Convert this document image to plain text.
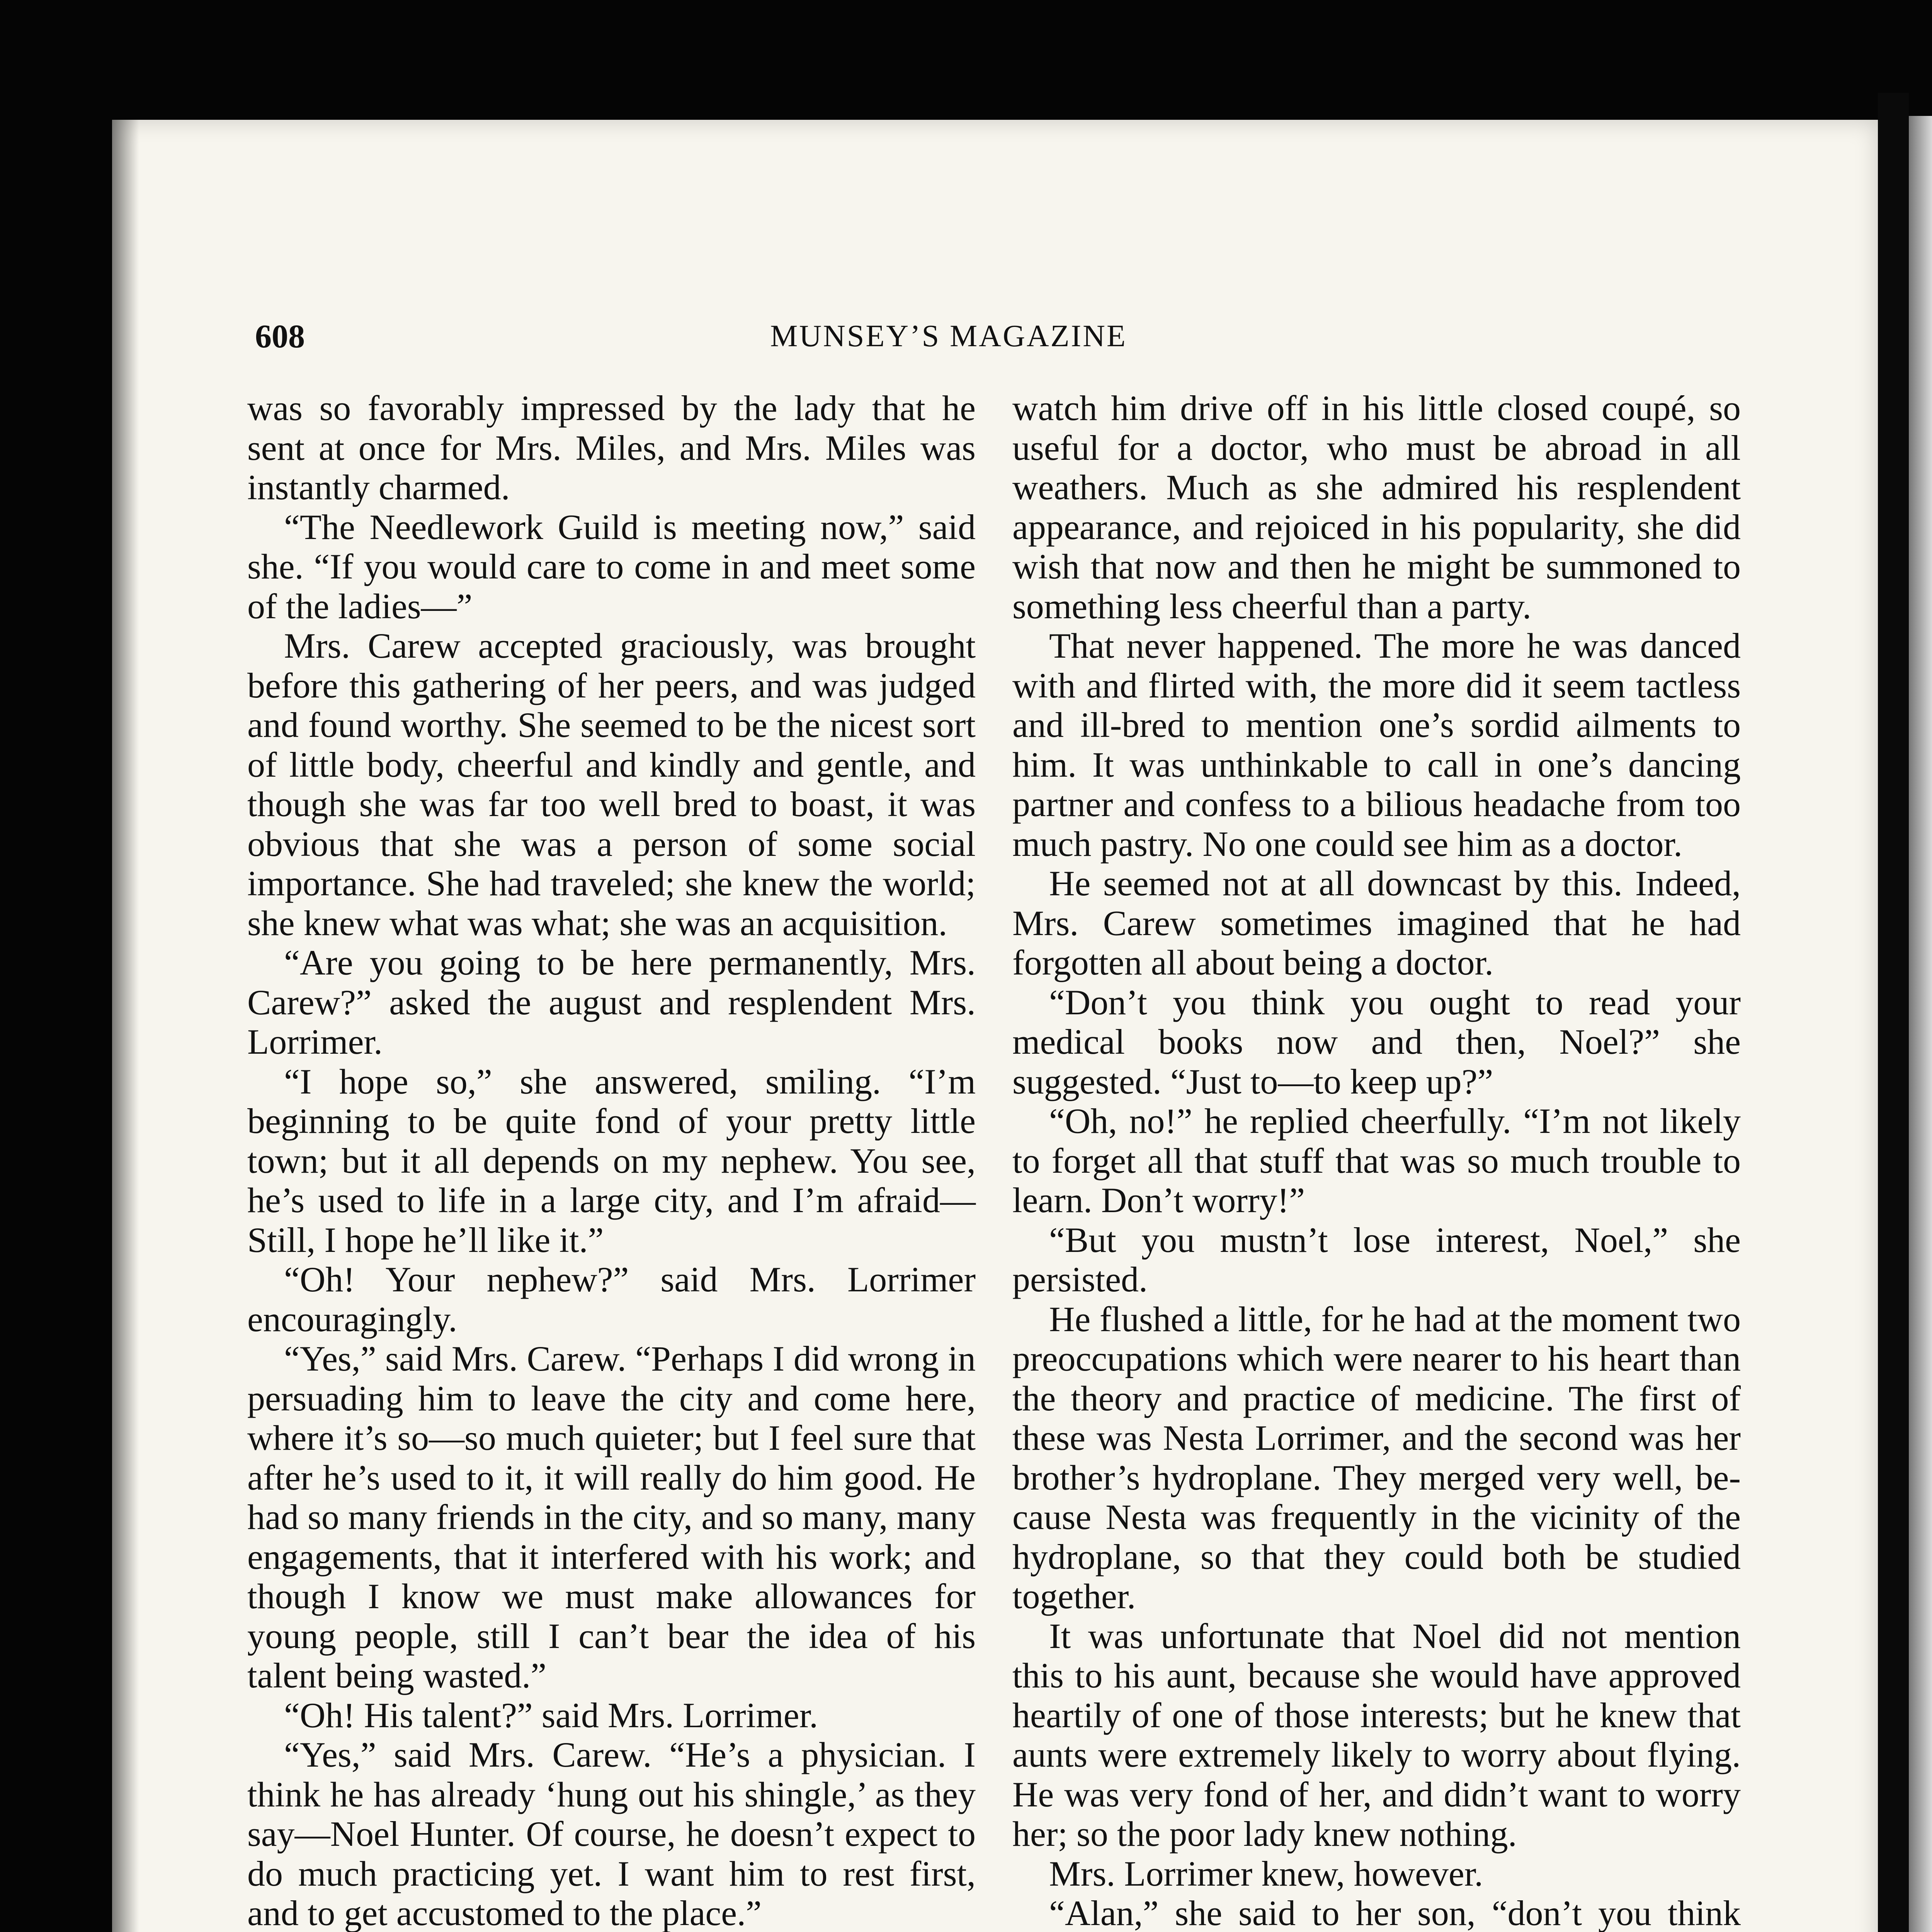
608	MUNSEY’S MAGAZINE

was so favorably impressed by the lady that he sent at once for Mrs. Miles, and Mrs. Miles was instantly charmed.

“The Needlework Guild is meeting now,” said she. “If you would care to come in and meet some of the ladies—”

Mrs. Carew accepted graciously, was brought before this gathering of her peers, and was judged and found worthy. She seemed to be the nicest sort of little body, cheerful and kindly and gentle, and though she was far too well bred to boast, it was obvious that she was a person of some social importance. She had traveled; she knew the world; she knew what was what; she was an acquisition.

“Are you going to be here permanently, Mrs. Carew?” asked the august and resplendent Mrs. Lorrimer.

“I hope so,” she answered, smiling. “I’m beginning to be quite fond of your pretty little town; but it all depends on my nephew. You see, he’s used to life in a large city, and I’m afraid— Still, I hope he’ll like it.”

“Oh! Your nephew?” said Mrs. Lorrimer encouragingly.

“Yes,” said Mrs. Carew. “Perhaps I did wrong in persuading him to leave the city and come here, where it’s so—so much quieter; but I feel sure that after he’s used to it, it will really do him good. He had so many friends in the city, and so many, many engagements, that it interfered with his work; and though I know we must make allowances for young people, still I can’t bear the idea of his talent being wasted.”

“Oh! His talent?” said Mrs. Lorrimer.

“Yes,” said Mrs. Carew. “He’s a physician. I think he has already ‘hung out his shingle,’ as they say—Noel Hunter. Of course, he doesn’t expect to do much practicing yet. I want him to rest first, and to get accustomed to the place.”

watch him drive off in his little closed coupé, so useful for a doctor, who must be abroad in all weathers. Much as she admired his resplendent appearance, and rejoiced in his popularity, she did wish that now and then he might be summoned to something less cheerful than a party.

That never happened. The more he was danced with and flirted with, the more did it seem tactless and ill-bred to mention one’s sordid ailments to him. It was unthinkable to call in one’s dancing partner and confess to a bilious headache from too much pastry. No one could see him as a doctor.

He seemed not at all downcast by this. Indeed, Mrs. Carew sometimes imagined that he had forgotten all about being a doctor.

“Don’t you think you ought to read your medical books now and then, Noel?” she suggested. “Just to—to keep up?”

“Oh, no!” he replied cheerfully. “I’m not likely to forget all that stuff that was so much trouble to learn. Don’t worry!”

“But you mustn’t lose interest, Noel,” she persisted.

He flushed a little, for he had at the moment two preoccupations which were nearer to his heart than the theory and practice of medicine. The first of these was Nesta Lorrimer, and the second was her brother’s hydroplane. They merged very well, because Nesta was frequently in the vicinity of the hydroplane, so that they could both be studied together.

It was unfortunate that Noel did not mention this to his aunt, because she would have approved heartily of one of those interests; but he knew that aunts were extremely likely to worry about flying. He was very fond of her, and didn’t want to worry her; so the poor lady knew nothing.

Mrs. Lorrimer knew, however.

“Alan,” she said to her son, “don’t you think
